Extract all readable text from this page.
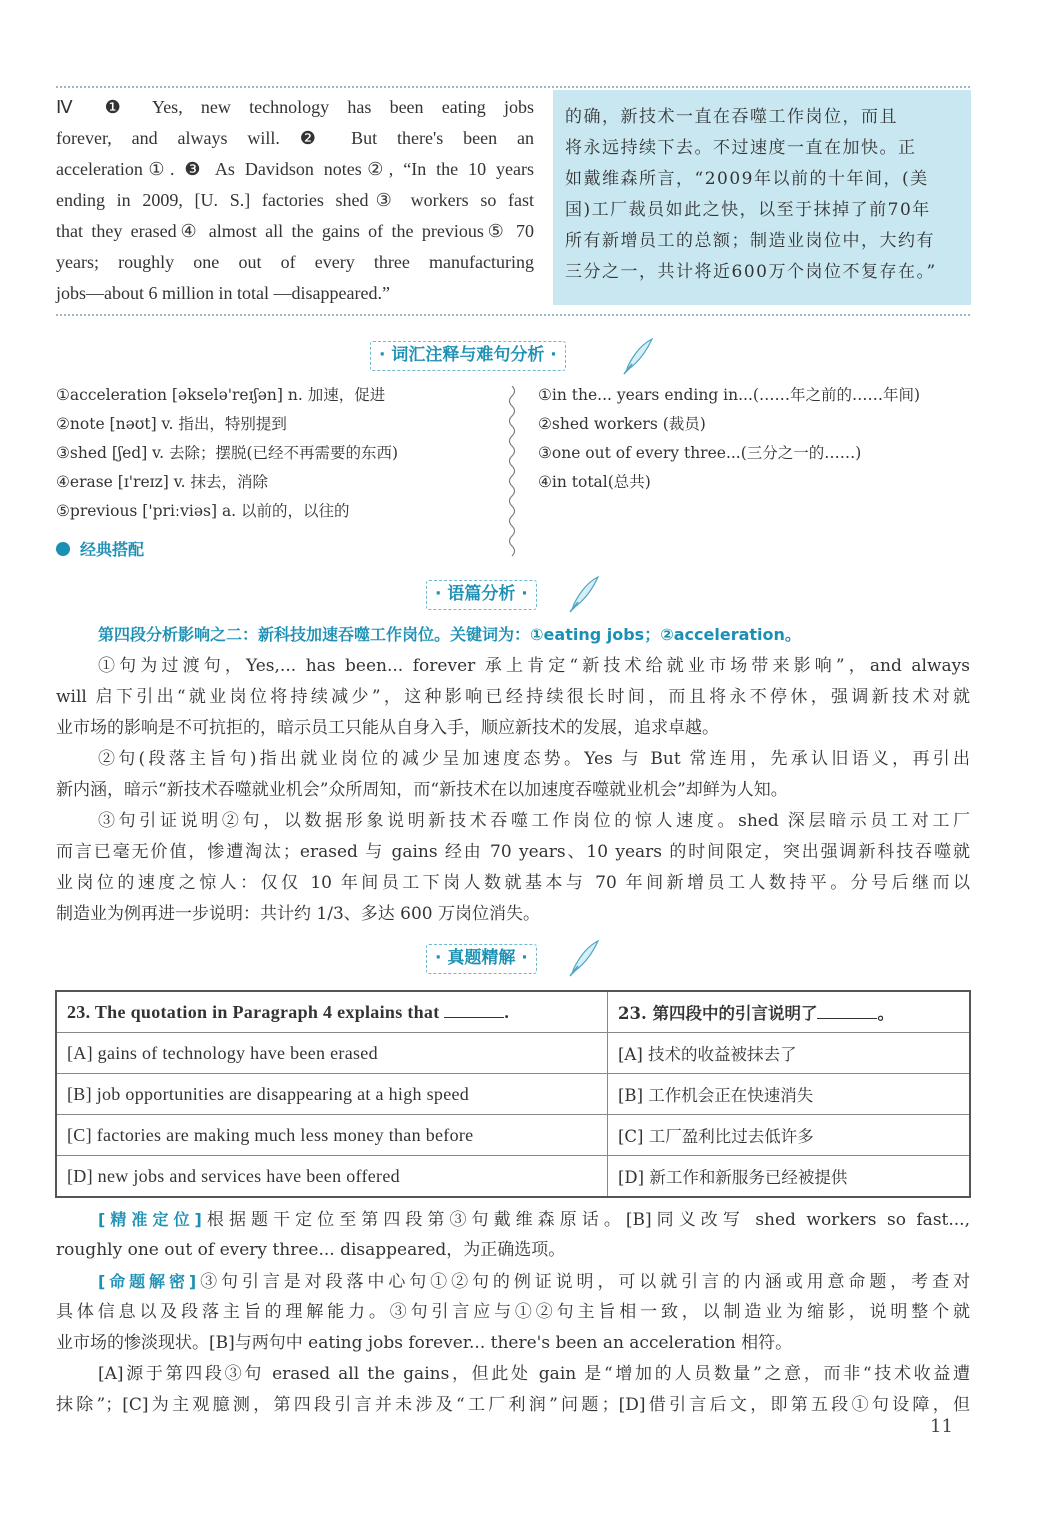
Ⅳ ❶ Yes, new technology has been eating jobs
forever, and always will. ❷ But there's been an
acceleration①. ❸ As Davidson notes②, “In the 10 years
ending in 2009, [U. S.] factories shed③ workers so fast
that they erased④ almost all the gains of the previous⑤ 70
years; roughly one out of every three manufacturing
jobs—about 6 million in total —disappeared.”
的确，新技术一直在吞噬工作岗位，而且
将永远持续下去。不过速度一直在加快。正
如戴维森所言，“2009年以前的十年间，(美
国)工厂裁员如此之快，以至于抹掉了前70年
所有新增员工的总额；制造业岗位中，大约有
三分之一，共计将近600万个岗位不复存在。”
· 词汇注释与难句分析 ·
①acceleration [əkselə'reɪʃən] n. 加速，促进
②note [nəʊt] v. 指出，特别提到
③shed [ʃed] v. 去除；摆脱(已经不再需要的东西)
④erase [ɪ'reɪz] v. 抹去，消除
⑤previous ['priːviəs] a. 以前的，以往的
①in the... years ending in...(……年之前的……年间)
②shed workers (裁员)
③one out of every three...(三分之一的……)
④in total(总共)
经典搭配
· 语篇分析 ·
第四段分析影响之二：新科技加速吞噬工作岗位。关键词为：①eating jobs；②acceleration。
①句为过渡句，Yes,... has been... forever 承上肯定“新技术给就业市场带来影响”，and always
will 启下引出“就业岗位将持续减少”，这种影响已经持续很长时间，而且将永不停休，强调新技术对就
业市场的影响是不可抗拒的，暗示员工只能从自身入手，顺应新技术的发展，追求卓越。
②句(段落主旨句)指出就业岗位的减少呈加速度态势。Yes 与 But 常连用，先承认旧语义，再引出
新内涵，暗示“新技术吞噬就业机会”众所周知，而“新技术在以加速度吞噬就业机会”却鲜为人知。
③句引证说明②句，以数据形象说明新技术吞噬工作岗位的惊人速度。shed 深层暗示员工对工厂
而言已毫无价值，惨遭淘汰；erased 与 gains 经由 70 years、10 years 的时间限定，突出强调新科技吞噬就
业岗位的速度之惊人：仅仅 10 年间员工下岗人数就基本与 70 年间新增员工人数持平。分号后继而以
制造业为例再进一步说明：共计约 1/3、多达 600 万岗位消失。
· 真题精解 ·
23. The quotation in Paragraph 4 explains that .	23. 第四段中的引言说明了 。
[A] gains of technology have been erased	[A] 技术的收益被抹去了
[B] job opportunities are disappearing at a high speed	[B] 工作机会正在快速消失
[C] factories are making much less money than before	[C] 工厂盈利比过去低许多
[D] new jobs and services have been offered	[D] 新工作和新服务已经被提供
[精准定位]根据题干定位至第四段第③句戴维森原话。[B]同义改写 shed workers so fast...,
roughly one out of every three... disappeared，为正确选项。
[命题解密]③句引言是对段落中心句①②句的例证说明，可以就引言的内涵或用意命题，考查对
具体信息以及段落主旨的理解能力。③句引言应与①②句主旨相一致，以制造业为缩影，说明整个就
业市场的惨淡现状。[B]与两句中 eating jobs forever... there's been an acceleration 相符。
[A]源于第四段③句 erased all the gains，但此处 gain 是“增加的人员数量”之意，而非“技术收益遭
抹除”；[C]为主观臆测，第四段引言并未涉及“工厂利润”问题；[D]借引言后文，即第五段①句设障，但
11
